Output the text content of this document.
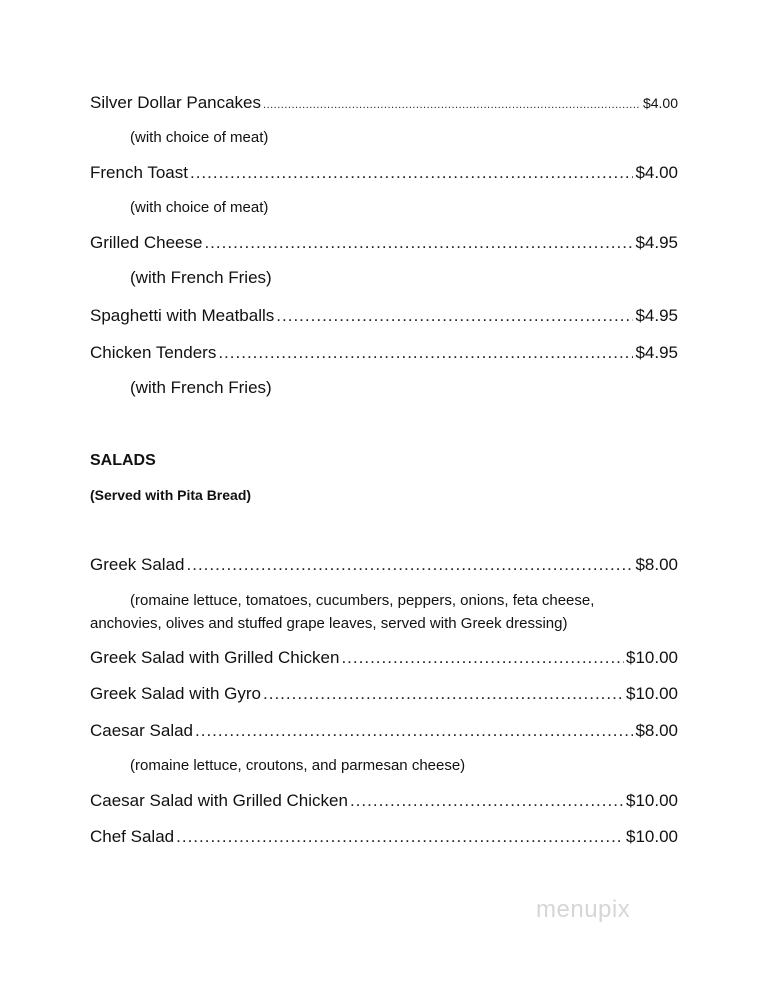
Silver Dollar Pancakes .....	$4.00
(with choice of meat)
French Toast .....	$4.00
(with choice of meat)
Grilled Cheese .....	$4.95
(with French Fries)
Spaghetti with Meatballs .....	$4.95
Chicken Tenders .....	$4.95
(with French Fries)
SALADS
(Served with Pita Bread)
Greek Salad .....	$8.00
(romaine lettuce, tomatoes, cucumbers, peppers, onions, feta cheese, anchovies, olives and stuffed grape leaves, served with Greek dressing)
Greek Salad with Grilled Chicken .....	$10.00
Greek Salad with Gyro .....	$10.00
Caesar Salad .....	$8.00
(romaine lettuce, croutons, and parmesan cheese)
Caesar Salad with Grilled Chicken .....	$10.00
Chef Salad .....	$10.00
menupix
